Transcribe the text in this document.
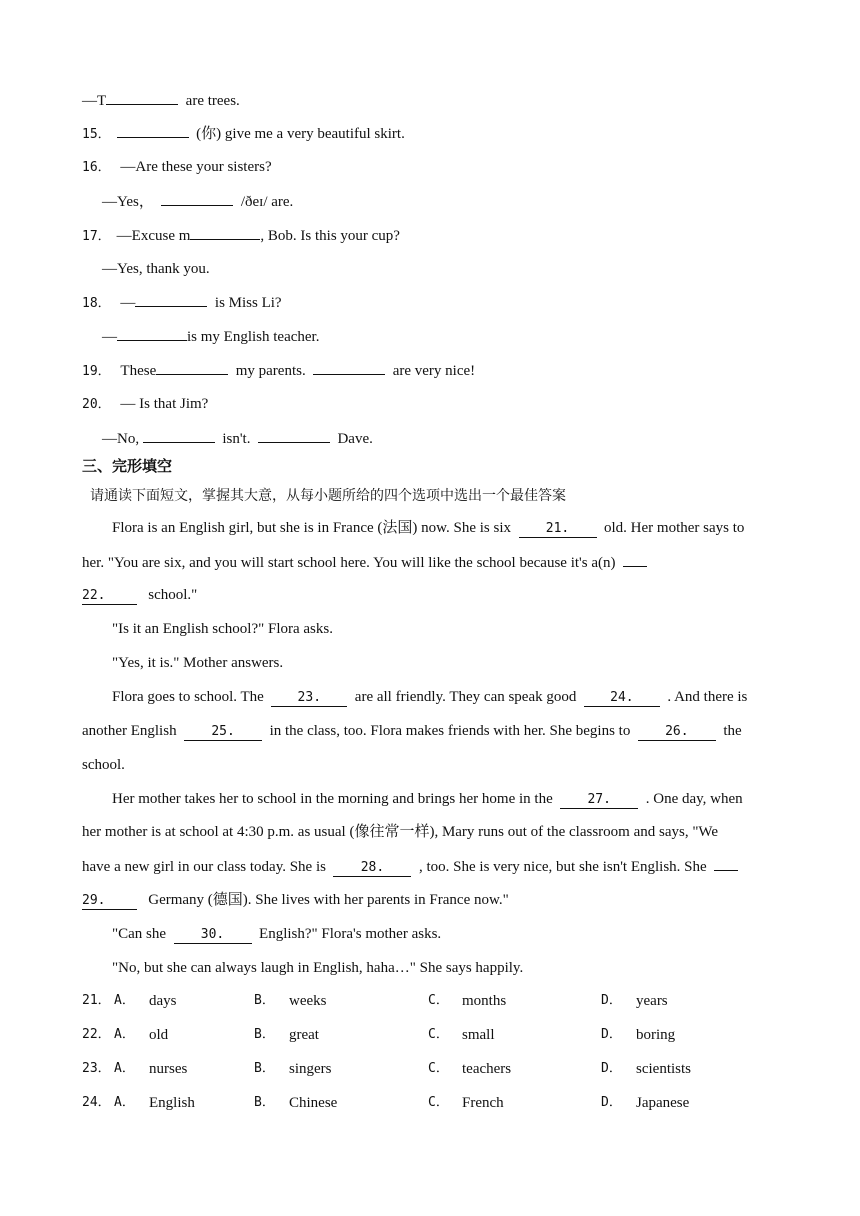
—T	are trees.
15．	(你) give me a very beautiful skirt.
16． —Are these your sisters?
—Yes，	/ðeɪ/ are.
17． —Excuse m	, Bob. Is this your cup?
—Yes, thank you.
18． —	is Miss Li?
—	is my English teacher.
19． These	my parents.	are very nice!
20． — Is that Jim?
—No,	isn't.	Dave.
三、完形填空
请通读下面短文，掌握其大意，从每小题所给的四个选项中选出一个最佳答案
Flora is an English girl, but she is in France (法国) now. She is six	21. old. Her mother says to
her. "You are six, and you will start school here. You will like the school because it's a(n)
22.	school."
"Is it an English school?" Flora asks.
"Yes, it is." Mother answers.
Flora goes to school. The	23. are all friendly. They can speak good	24. . And there is
another English	25. in the class, too. Flora makes friends with her. She begins to	26. the
school.
Her mother takes her to school in the morning and brings her home in the	27. . One day, when
her mother is at school at 4:30 p.m. as usual (像往常一样), Mary runs out of the classroom and says, "We
have a new girl in our class today. She is	28. , too. She is very nice, but she isn't English. She
29.	Germany (德国). She lives with her parents in France now."
"Can she	30. English?" Flora's mother asks.
"No, but she can always laugh in English, haha…" She says happily.
21． A． days	B． weeks	C． months	D． years
22． A． old	B． great	C． small	D． boring
23． A． nurses	B． singers	C． teachers	D． scientists
24． A． English	B． Chinese	C． French	D． Japanese
